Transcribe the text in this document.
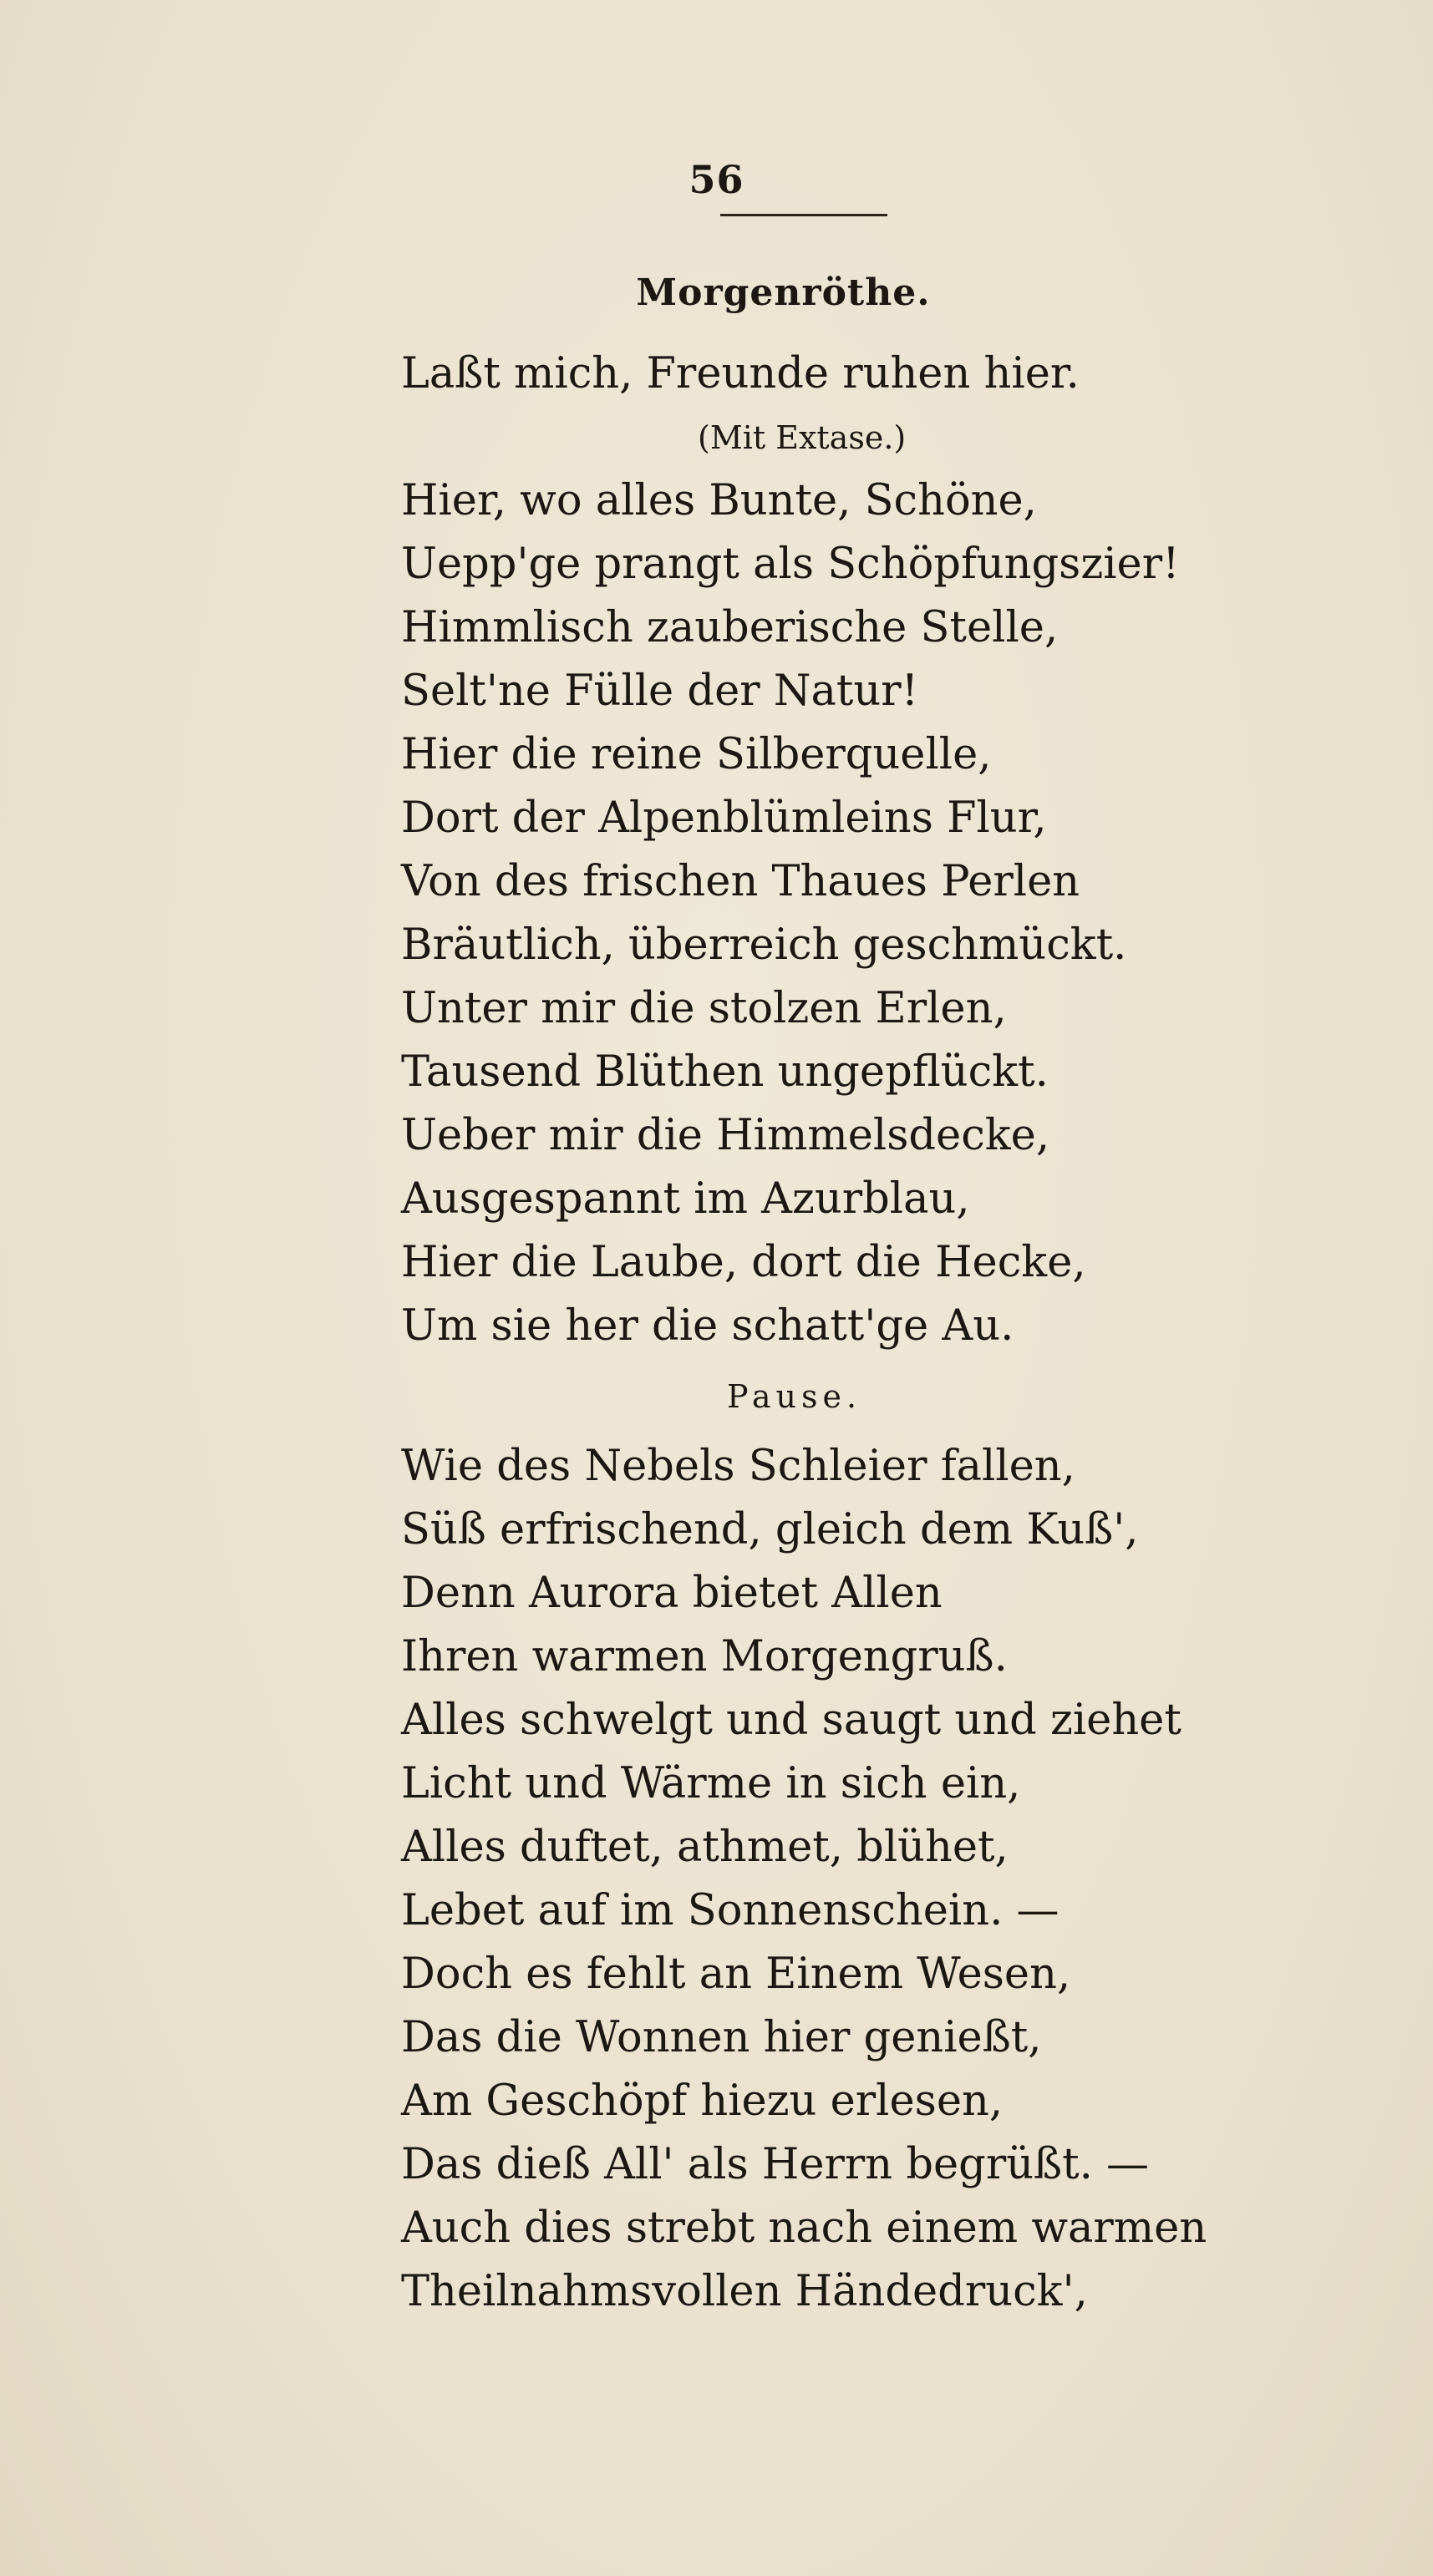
56
Morgenröthe.
Laßt mich, Freunde ruhen hier.
(Mit Extase.)
Hier, wo alles Bunte, Schöne,
Uepp'ge prangt als Schöpfungszier!
Himmlisch zauberische Stelle,
Selt'ne Fülle der Natur!
Hier die reine Silberquelle,
Dort der Alpenblümleins Flur,
Von des frischen Thaues Perlen
Bräutlich, überreich geschmückt.
Unter mir die stolzen Erlen,
Tausend Blüthen ungepflückt.
Ueber mir die Himmelsdecke,
Ausgespannt im Azurblau,
Hier die Laube, dort die Hecke,
Um sie her die schatt'ge Au.
Pause.
Wie des Nebels Schleier fallen,
Süß erfrischend, gleich dem Kuß',
Denn Aurora bietet Allen
Ihren warmen Morgengruß.
Alles schwelgt und saugt und ziehet
Licht und Wärme in sich ein,
Alles duftet, athmet, blühet,
Lebet auf im Sonnenschein. —
Doch es fehlt an Einem Wesen,
Das die Wonnen hier genießt,
Am Geschöpf hiezu erlesen,
Das dieß All' als Herrn begrüßt. —
Auch dies strebt nach einem warmen
Theilnahmsvollen Händedruck',
